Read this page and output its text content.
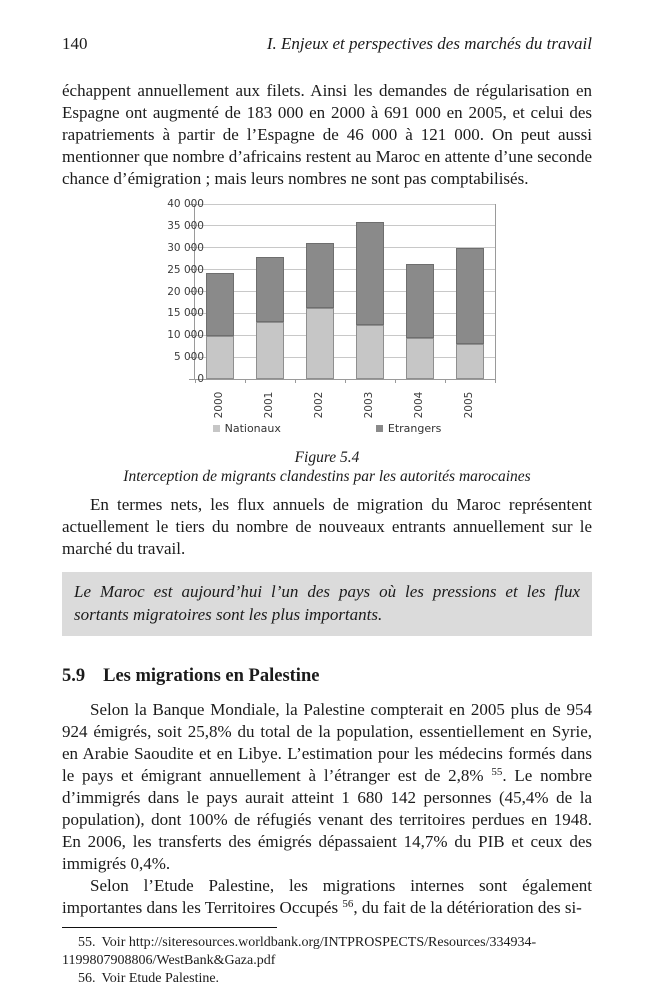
140	I. Enjeux et perspectives des marchés du travail

échappent annuellement aux filets. Ainsi les demandes de régularisation en Espagne ont augmenté de 183 000 en 2000 à 691 000 en 2005, et celui des rapatriements à partir de l’Espagne de 46 000 à 121 000. On peut aussi mentionner que nombre d’africains restent au Maroc en attente d’une seconde chance d’émigration ; mais leurs nombres ne sont pas comptabilisés.

Nationaux	Etrangers
0
5 000
10 000
15 000
20 000
25 000
30 000
35 000
40 000
2000	2001	2002	2003	2004	2005
Figure 5.4
Interception de migrants clandestins par les autorités marocaines

En termes nets, les flux annuels de migration du Maroc représentent actuellement le tiers du nombre de nouveaux entrants annuellement sur le marché du travail.

Le Maroc est aujourd’hui l’un des pays où les pressions et les flux sortants migratoires sont les plus importants.
5.9 Les migrations en Palestine

Selon la Banque Mondiale, la Palestine compterait en 2005 plus de 954 924 émigrés, soit 25,8% du total de la population, essentiellement en Syrie, en Arabie Saoudite et en Libye. L’estimation pour les médecins formés dans le pays et émigrant annuellement à l’étranger est de 2,8% $^{55}$. Le nombre d’immigrés dans le pays aurait atteint 1 680 142 personnes (45,4% de la population), dont 100% de réfugiés venant des territoires perdues en 1948. En 2006, les transferts des émigrés dépassaient 14,7% du PIB et ceux des immigrés 0,4%.

Selon l’Etude Palestine, les migrations internes sont également importantes dans les Territoires Occupés $^{56}$, du fait de la détérioration des si-

55. Voir http://siteresources.worldbank.org/INTPROSPECTS/Resources/334934-1199807908806/WestBank&Gaza.pdf

56. Voir Etude Palestine.
